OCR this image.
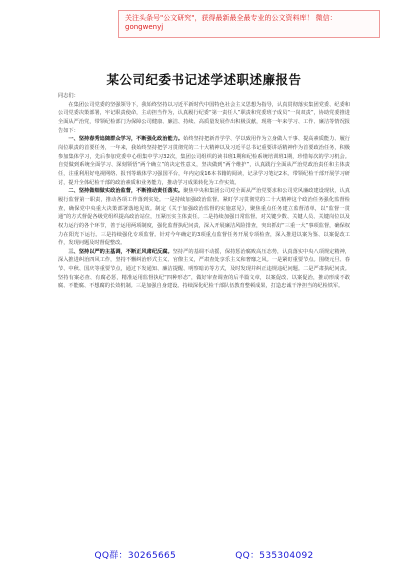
关注头条号"公文研究"，获得最新最全最专业的公文资料库！ 微信：gongwenyj
某公司纪委书记述学述职述廉报告

同志们：

在集团公司党委的坚强领导下，我始终坚持以习近平新时代中国特色社会主义思想为指导，认真贯彻落实集团党委、纪委和公司党委决策部署，牢记职责使命，主动担当作为，认真履行纪委“第一责任人”职责和党委班子成员“一岗双责”，协助党委推进全面从严治党，带领纪检部门为保障公司健康、廉洁、持续、高质量发展作出积极贡献，现将一年来学习、工作、廉洁等情况报告如下：

一、坚持春秀追随群众学习，不断强化政治能力。始终坚持把新青学学、学以致用作为立身做人干事、提高素质能力、履行岗位职责的首要任务，一年来，我始终坚持把学习贯彻党的二十大精神以及习近平总书记重要讲话精神作为首要政治任务，积极参加集体学习，先后参加党委中心组集中学习32次，集团公司组织的读书班1期和纪检系统培训班1期，珍惜每次的学习机会。自觉做到系统全面学习、深刻领悟“两个确立”的决定性意义，坚决做到“两个维护”，认真践行全面从严治党政治责任和主体责任，注重利用好电视网络、报刊等载体学习强国平台，年内完成16本书籍的阅读，记录学习笔记2本。带领纪检干部开展学习研讨，提升全体纪检干部的政治素质和业务能力，推动学习成果转化为工作实效。

二、坚持做细做实政治监督，不断推动责任落实。聚焦中央和集团公司对全面从严治党要求和公司党风廉政建设现状，认真履行监督第一职责，推动各项工作落到实处。一是持续加强政治监督。紧盯学习贯彻党的二十大精神这个政治任务强化监督检查，确保党中央重大决策部署落地见效。制定《关于加强政治监督的实施意见》，聚焦重点任务建立监督清单，以“监督一贯通”的方式督促各级党组织提高政治站位，压紧压实主体责任。二是持续加强日常监督。对关键少数、关键人员、关键岗位以及权力运行的各个环节，善于运用两项制度，强化监督执纪问责，深入开展廉洁风险排查，突出抓好“三重一大”事项监督，确保权力在阳光下运行。三是持续强化专项监督。针对今年确定的3项重点监督任务开展专项检查，深入推进以案为鉴、以案促改工作，发现问题及时督促整改。

三、坚持以严的主基调，不断正风肃纪反腐。坚持严的基调不动摇，保持惩治腐败高压态势，认真落实中央八项规定精神，深入推进纠治四风工作，坚持不懈纠治形式主义、官僚主义，严肃查处享乐主义和奢靡之风。一是紧盯重要节点。围绕元旦、春节、中秋、国庆等重要节点，通过下发通知、廉洁提醒、明察暗访等方式，及时发现并纠正违规违纪问题。二是严肃执纪问责。坚持有案必查、有腐必惩，精准运用监督执纪“四种形态”，做好审查调查的后半篇文章，以案促改、以案促治，推动形成不敢腐、不能腐、不想腐的长效机制。三是加强自身建设。持续深化纪检干部队伍教育整顿成果，打造忠诚干净担当的纪检铁军。

QQ群：30265665	QQ：535304092
